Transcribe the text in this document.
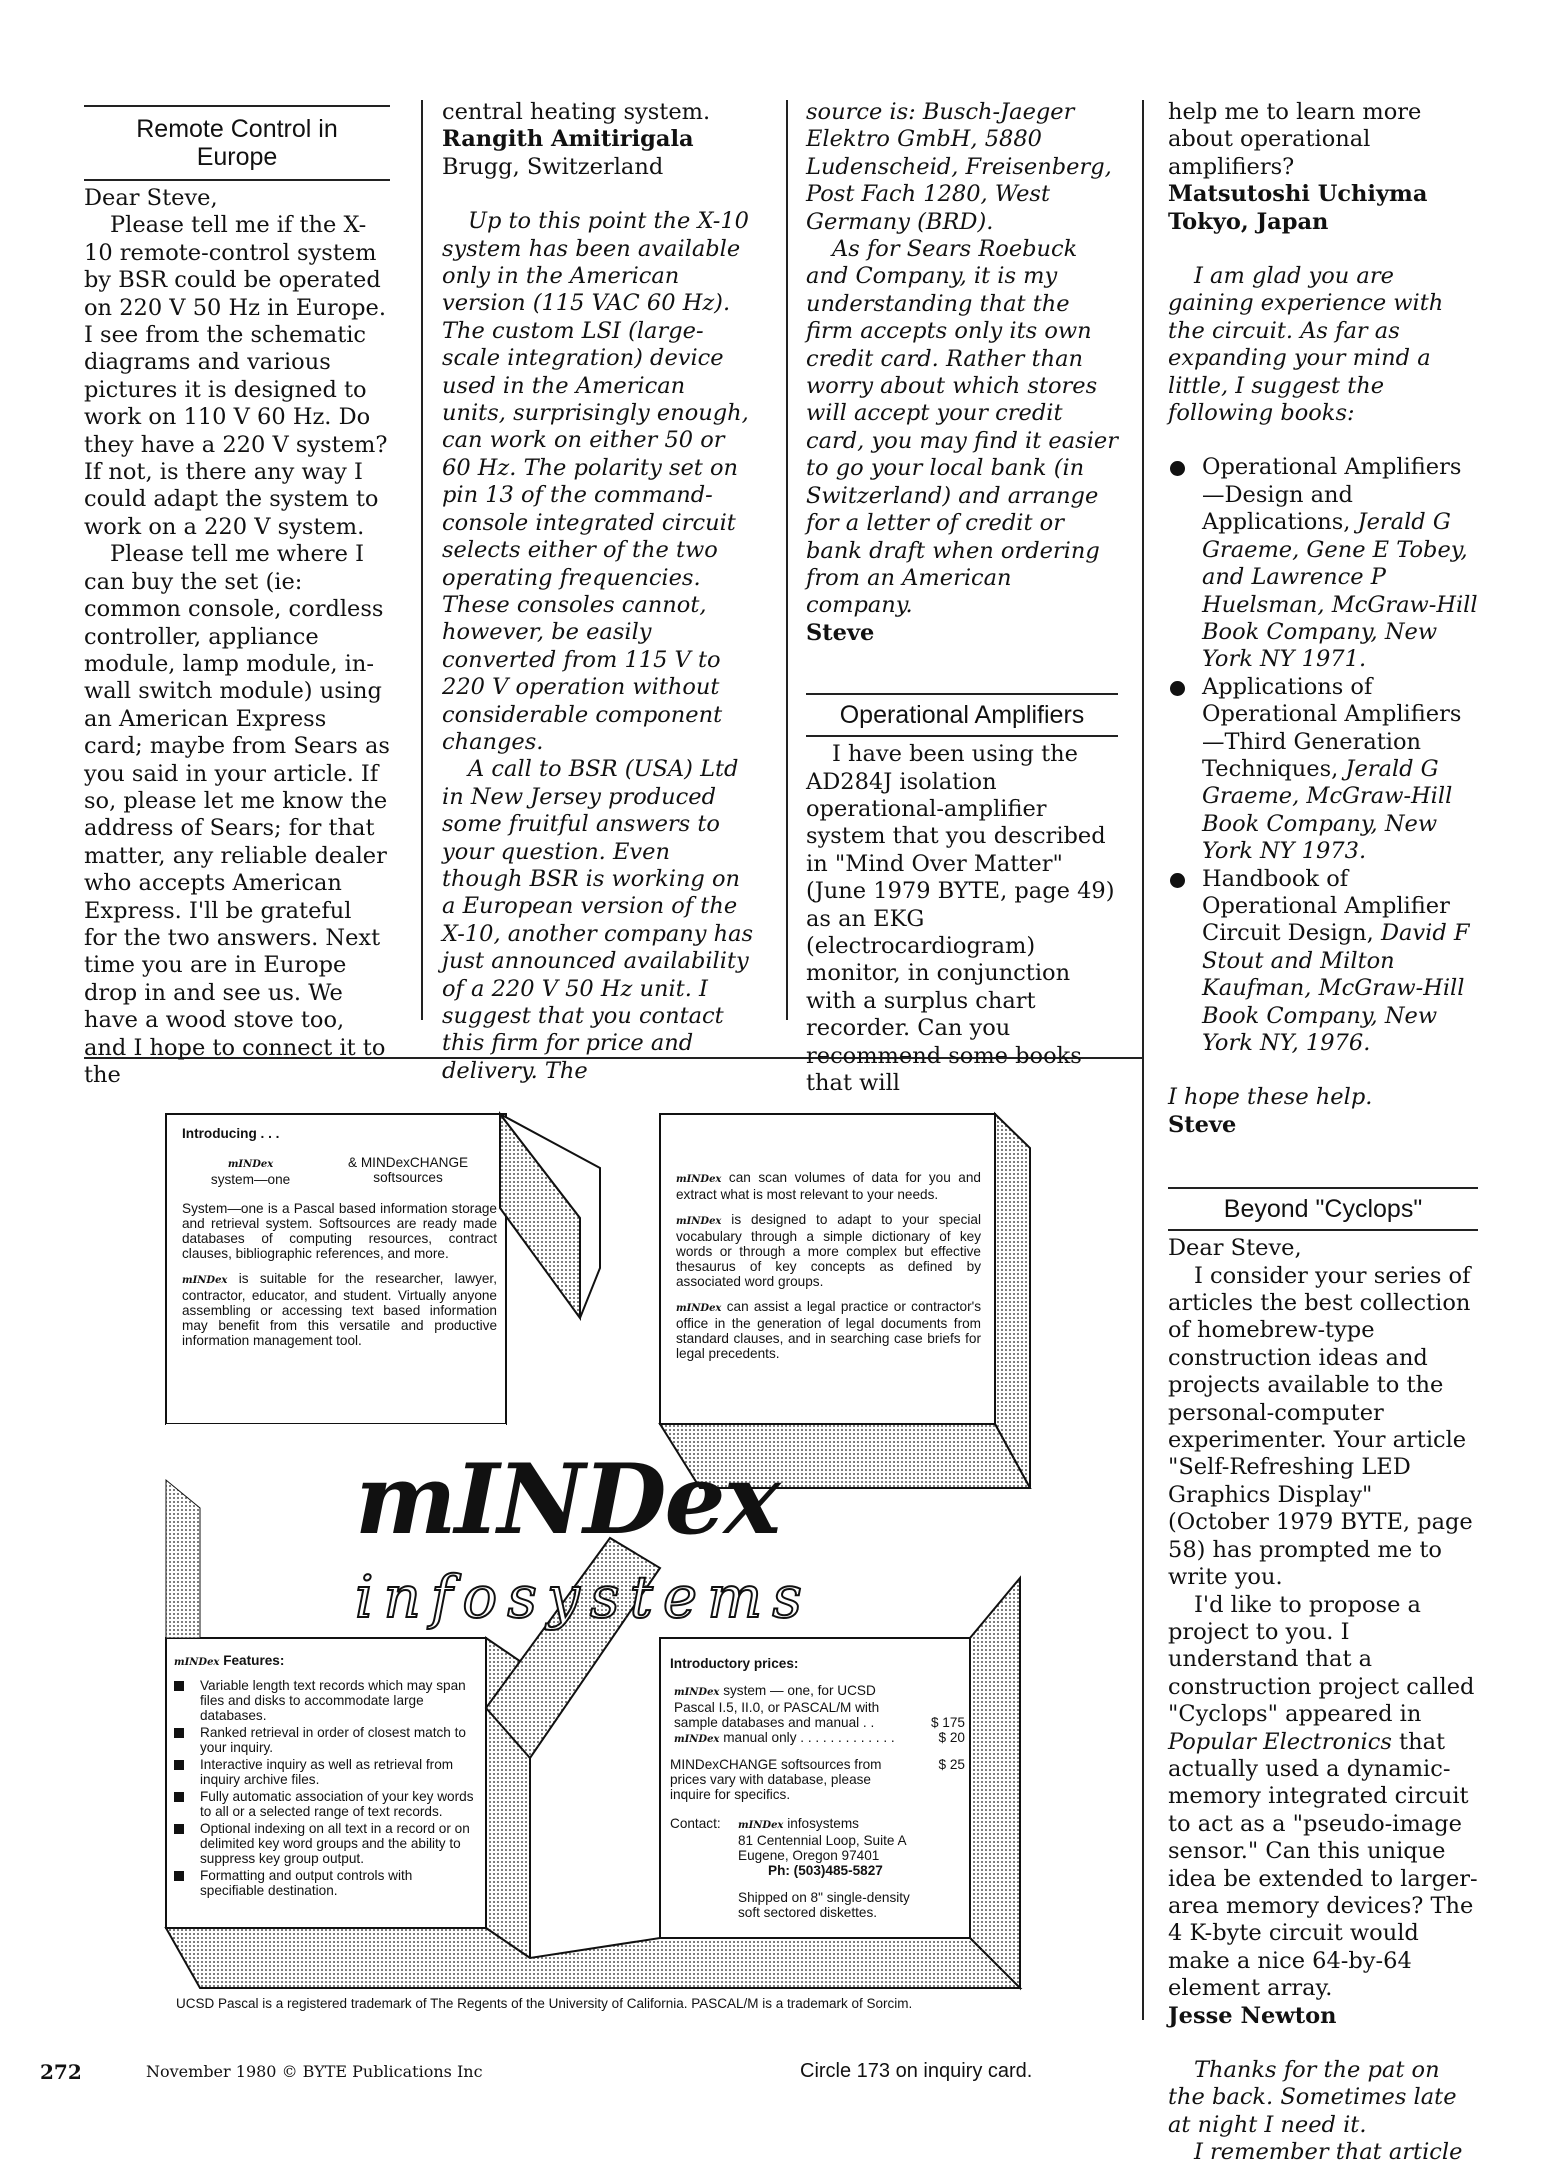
Remote Control in Europe

Dear Steve,

Please tell me if the X-10 remote-control system by BSR could be operated on 220 V 50 Hz in Europe. I see from the schematic diagrams and various pictures it is designed to work on 110 V 60 Hz. Do they have a 220 V system? If not, is there any way I could adapt the system to work on a 220 V system.

Please tell me where I can buy the set (ie: common console, cordless controller, appliance module, lamp module, in-wall switch module) using an American Express card; maybe from Sears as you said in your article. If so, please let me know the address of Sears; for that matter, any reliable dealer who accepts American Express. I'll be grateful for the two answers. Next time you are in Europe drop in and see us. We have a wood stove too, and I hope to connect it to the

central heating system.

Rangith Amitirigala

Brugg, Switzerland

Up to this point the X-10 system has been available only in the American version (115 VAC 60 Hz). The custom LSI (large-scale integration) device used in the American units, surprisingly enough, can work on either 50 or 60 Hz. The polarity set on pin 13 of the command-console integrated circuit selects either of the two operating frequencies. These consoles cannot, however, be easily converted from 115 V to 220 V operation without considerable component changes.

A call to BSR (USA) Ltd in New Jersey produced some fruitful answers to your question. Even though BSR is working on a European version of the X-10, another company has just announced availability of a 220 V 50 Hz unit. I suggest that you contact this firm for price and delivery. The

source is: Busch-Jaeger Elektro GmbH, 5880 Ludenscheid, Freisenberg, Post Fach 1280, West Germany (BRD).

As for Sears Roebuck and Company, it is my understanding that the firm accepts only its own credit card. Rather than worry about which stores will accept your credit card, you may find it easier to go your local bank (in Switzerland) and arrange for a letter of credit or bank draft when ordering from an American company.

Steve

Operational Amplifiers

I have been using the AD284J isolation operational-amplifier system that you described in "Mind Over Matter" (June 1979 BYTE, page 49) as an EKG (electrocardiogram) monitor, in conjunction with a surplus chart recorder. Can you recommend some books that will

help me to learn more about operational amplifiers?

Matsutoshi Uchiyma

Tokyo, Japan

I am glad you are gaining experience with the circuit. As far as expanding your mind a little, I suggest the following books:

Operational Amplifiers —Design and Applications, Jerald G Graeme, Gene E Tobey, and Lawrence P Huelsman, McGraw-Hill Book Company, New York NY 1971.
Applications of Operational Amplifiers—Third Generation Techniques, Jerald G Graeme, McGraw-Hill Book Company, New York NY 1973.
Handbook of Operational Amplifier Circuit Design, David F Stout and Milton Kaufman, McGraw-Hill Book Company, New York NY, 1976.

I hope these help.

Steve

Beyond "Cyclops"

Dear Steve,

I consider your series of articles the best collection of homebrew-type construction ideas and projects available to the personal-computer experimenter. Your article "Self-Refreshing LED Graphics Display" (October 1979 BYTE, page 58) has prompted me to write you.

I'd like to propose a project to you. I understand that a construction project called "Cyclops" appeared in Popular Electronics that actually used a dynamic-memory integrated circuit to act as a "pseudo-image sensor." Can this unique idea be extended to larger-area memory devices? The 4 K-byte circuit would make a nice 64-by-64 element array.

Jesse Newton

Thanks for the pat on the back. Sometimes late at night I need it.

I remember that article

Introducing . . .

mINDex
system—one
& MINDexCHANGE
softsources

System—one is a Pascal based information storage and retrieval system. Softsources are ready made databases of computing resources, contract clauses, bibliographic references, and more.

mINDex is suitable for the researcher, lawyer, contractor, educator, and student. Virtually anyone assembling or accessing text based information may benefit from this versatile and productive information management tool.

mINDex can scan volumes of data for you and extract what is most relevant to your needs.

mINDex is designed to adapt to your special vocabulary through a simple dictionary of key words or through a more complex but effective thesaurus of key concepts as defined by associated word groups.

mINDex can assist a legal practice or contractor's office in the generation of legal documents from standard clauses, and in searching case briefs for legal precedents.

mINDex
infosystems

mINDex Features:

Variable length text records which may span files and disks to accommodate large databases.
Ranked retrieval in order of closest match to your inquiry.
Interactive inquiry as well as retrieval from inquiry archive files.
Fully automatic association of your key words to all or a selected range of text records.
Optional indexing on all text in a record or on delimited key word groups and the ability to suppress key group output.
Formatting and output controls with specifiable destination.

Introductory prices:

mINDex system — one, for UCSD Pascal I.5, II.0, or PASCAL/M with sample databases and manual . .	$ 175
mINDex manual only . . . . . . . . . . . . .	$ 20
MINDexCHANGE softsources from prices vary with database, please inquire for specifics.
$ 25
Contact:	mINDex infosystems
81 Centennial Loop, Suite A
Eugene, Oregon 97401
Ph: (503)485-5827

Shipped on 8" single-density soft sectored diskettes.

UCSD Pascal is a registered trademark of The Regents of the University of California. PASCAL/M is a trademark of Sorcim.
272	November 1980 © BYTE Publications Inc	Circle 173 on inquiry card.
